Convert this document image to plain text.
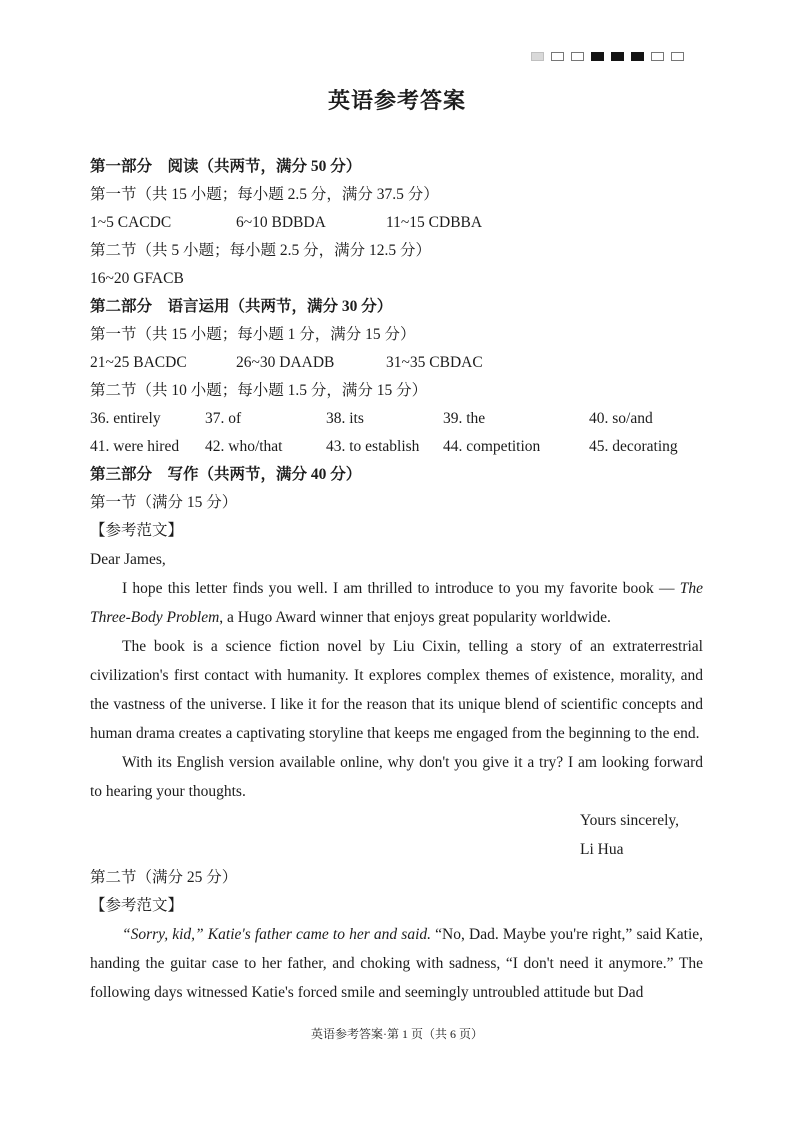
英语参考答案
第一部分　阅读（共两节，满分 50 分）
第一节（共 15 小题；每小题 2.5 分，满分 37.5 分）
1~5 CACDC	6~10 BDBDA	11~15 CDBBA
第二节（共 5 小题；每小题 2.5 分，满分 12.5 分）
16~20 GFACB
第二部分　语言运用（共两节，满分 30 分）
第一节（共 15 小题；每小题 1 分，满分 15 分）
21~25 BACDC	26~30 DAADB	31~35 CBDAC
第二节（共 10 小题；每小题 1.5 分，满分 15 分）
36. entirely	37. of	38. its	39. the	40. so/and
41. were hired	42. who/that	43. to establish	44. competition	45. decorating
第三部分　写作（共两节，满分 40 分）
第一节（满分 15 分）
【参考范文】

Dear James,

I hope this letter finds you well. I am thrilled to introduce to you my favorite book — The Three-Body Problem, a Hugo Award winner that enjoys great popularity worldwide.

The book is a science fiction novel by Liu Cixin, telling a story of an extraterrestrial civilization's first contact with humanity. It explores complex themes of existence, morality, and the vastness of the universe. I like it for the reason that its unique blend of scientific concepts and human drama creates a captivating storyline that keeps me engaged from the beginning to the end.

With its English version available online, why don't you give it a try? I am looking forward to hearing your thoughts.

Yours sincerely,
Li Hua
第二节（满分 25 分）
【参考范文】

“Sorry, kid,” Katie's father came to her and said. “No, Dad. Maybe you're right,” said Katie, handing the guitar case to her father, and choking with sadness, “I don't need it anymore.” The following days witnessed Katie's forced smile and seemingly untroubled attitude but Dad

英语参考答案·第 1 页（共 6 页）
